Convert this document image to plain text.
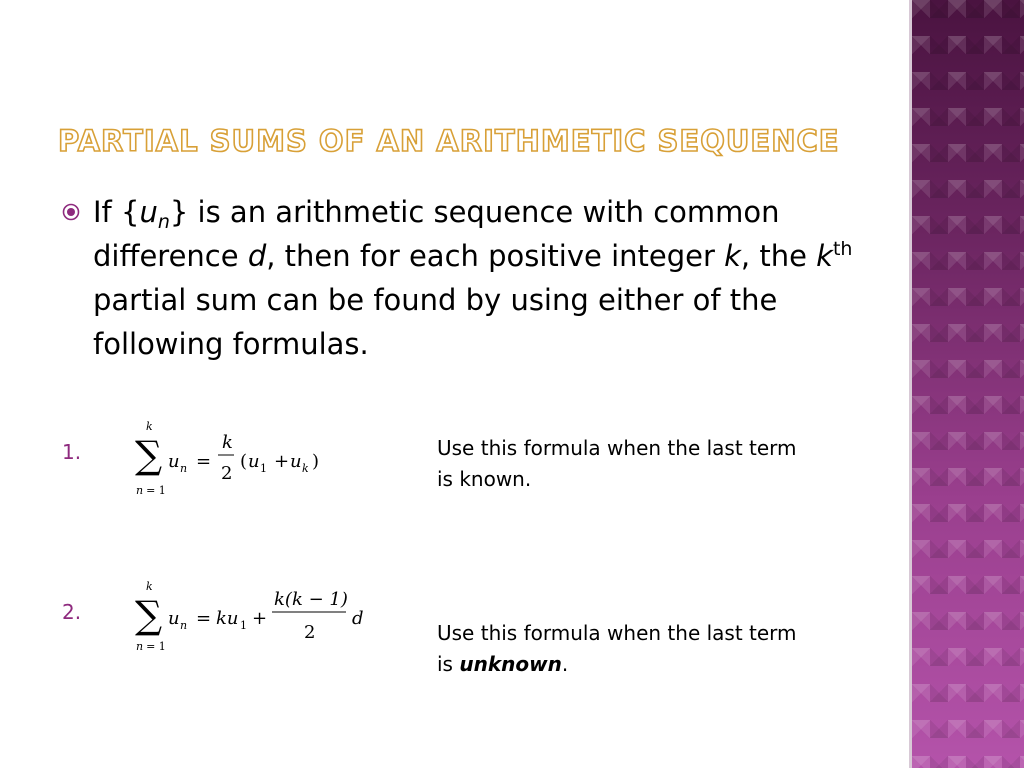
PARTIAL SUMS OF AN ARITHMETIC SEQUENCE
If $\{u_n\}$ is an arithmetic sequence with common difference d, then for each positive integer k, the $k^{th}$ partial sum can be found by using either of the following formulas.
1.
k
∑
n = 1
u n =
k
2
( u 1 + u k )
Use this formula when the last term is known.
2.
k
∑
n = 1
u n = ku 1 +
k(k − 1)
2
d
Use this formula when the last term is unknown.
